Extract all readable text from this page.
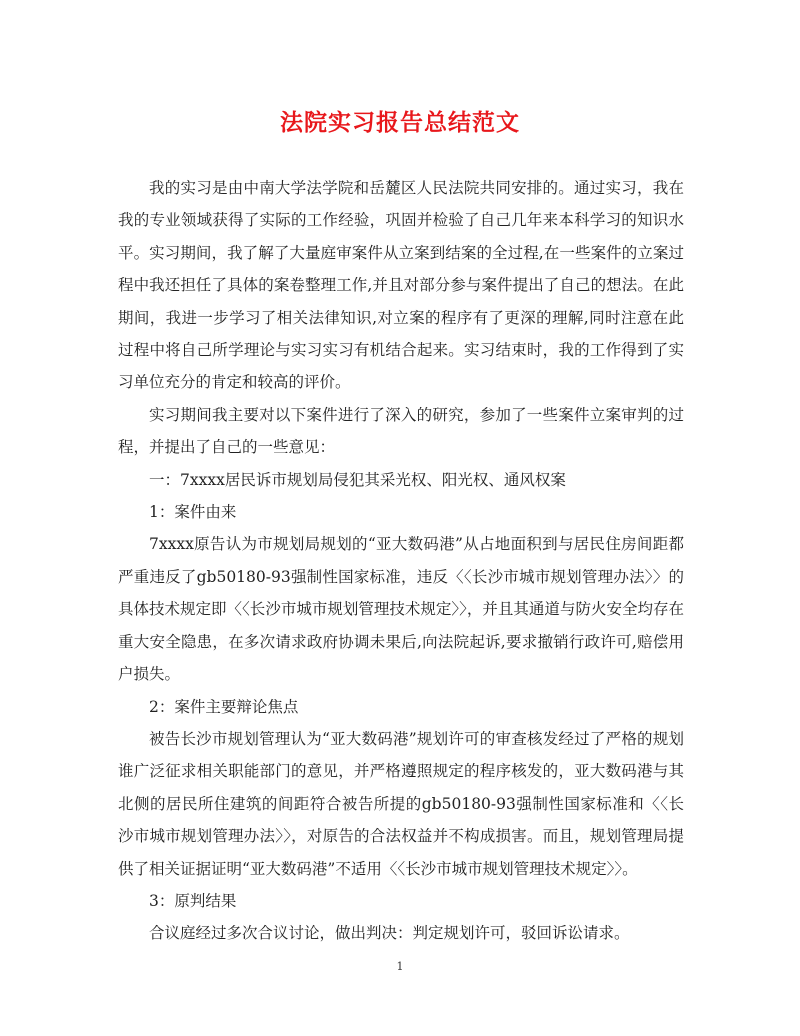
法院实习报告总结范文

我的实习是由中南大学法学院和岳麓区人民法院共同安排的。通过实习，我在我的专业领域获得了实际的工作经验，巩固并检验了自己几年来本科学习的知识水平。实习期间，我了解了大量庭审案件从立案到结案的全过程,在一些案件的立案过程中我还担任了具体的案卷整理工作,并且对部分参与案件提出了自己的想法。在此期间，我进一步学习了相关法律知识,对立案的程序有了更深的理解,同时注意在此过程中将自己所学理论与实习实习有机结合起来。实习结束时，我的工作得到了实习单位充分的肯定和较高的评价。

实习期间我主要对以下案件进行了深入的研究，参加了一些案件立案审判的过程，并提出了自己的一些意见：

一：7xxxx居民诉市规划局侵犯其采光权、阳光权、通风权案

1：案件由来

7xxxx原告认为市规划局规划的“亚大数码港”从占地面积到与居民住房间距都严重违反了gb50180-93强制性国家标准，违反〈〈长沙市城市规划管理办法〉〉的具体技术规定即〈〈长沙市城市规划管理技术规定〉〉，并且其通道与防火安全均存在重大安全隐患，在多次请求政府协调未果后,向法院起诉,要求撤销行政许可,赔偿用户损失。

2：案件主要辩论焦点

被告长沙市规划管理认为“亚大数码港”规划许可的审查核发经过了严格的规划谁广泛征求相关职能部门的意见，并严格遵照规定的程序核发的，亚大数码港与其北侧的居民所住建筑的间距符合被告所提的gb50180-93强制性国家标准和〈〈长沙市城市规划管理办法〉〉，对原告的合法权益并不构成损害。而且，规划管理局提供了相关证据证明“亚大数码港”不适用〈〈长沙市城市规划管理技术规定〉〉。

3：原判结果

合议庭经过多次合议讨论，做出判决：判定规划许可，驳回诉讼请求。

1
